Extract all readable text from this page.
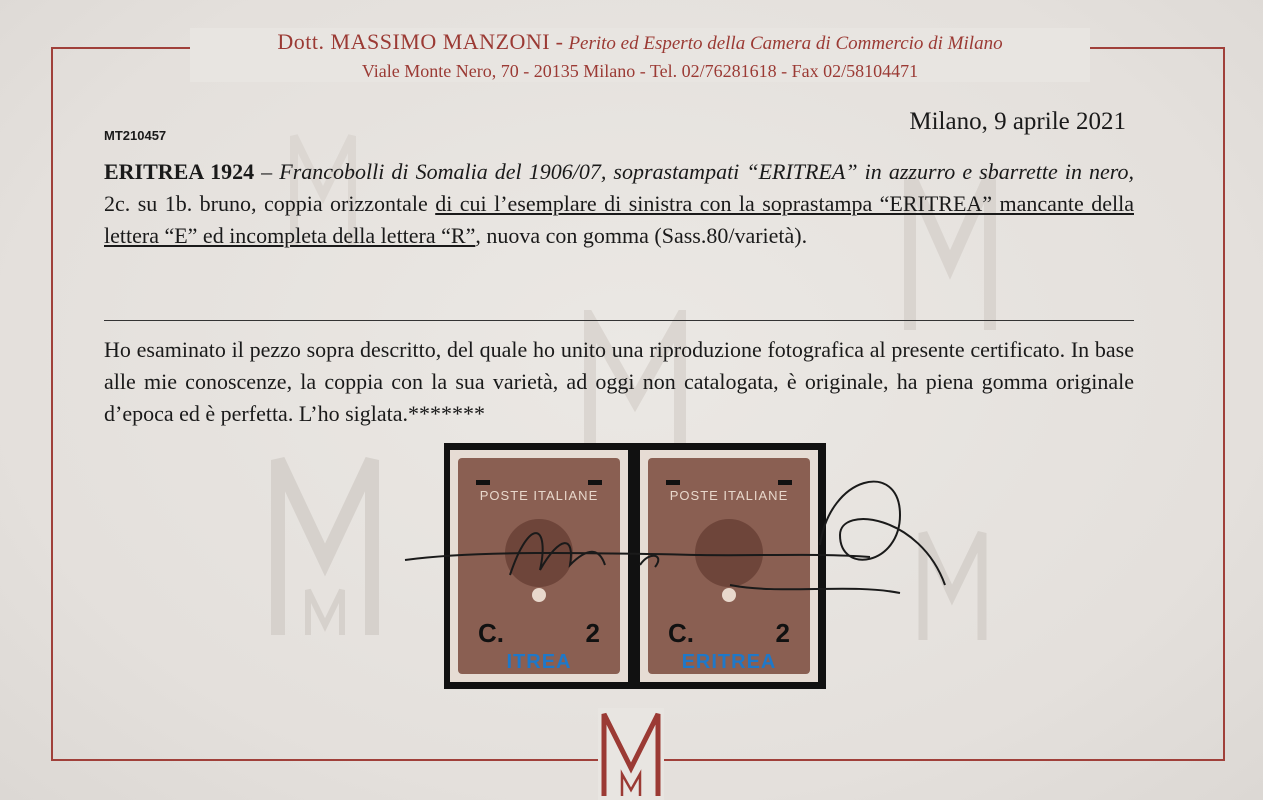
Dott. MASSIMO MANZONI - Perito ed Esperto della Camera di Commercio di Milano
Viale Monte Nero, 70 - 20135 Milano - Tel. 02/76281618 - Fax 02/58104471
MT210457
Milano, 9 aprile 2021
ERITREA 1924 – Francobolli di Somalia del 1906/07, soprastampati “ERITREA” in azzurro e sbarrette in nero, 2c. su 1b. bruno, coppia orizzontale di cui l’esemplare di sinistra con la soprastampa “ERITREA” mancante della lettera “E” ed incompleta della lettera “R”, nuova con gomma (Sass.80/varietà).
Ho esaminato il pezzo sopra descritto, del quale ho unito una riproduzione fotografica al presente certificato. In base alle mie conoscenze, la coppia con la sua varietà, ad oggi non catalogata, è originale, ha piena gomma originale d’epoca ed è perfetta. L’ho siglata.*******
POSTE ITALIANE
C.	2
ITREA
POSTE ITALIANE
C.	2
ERITREA
